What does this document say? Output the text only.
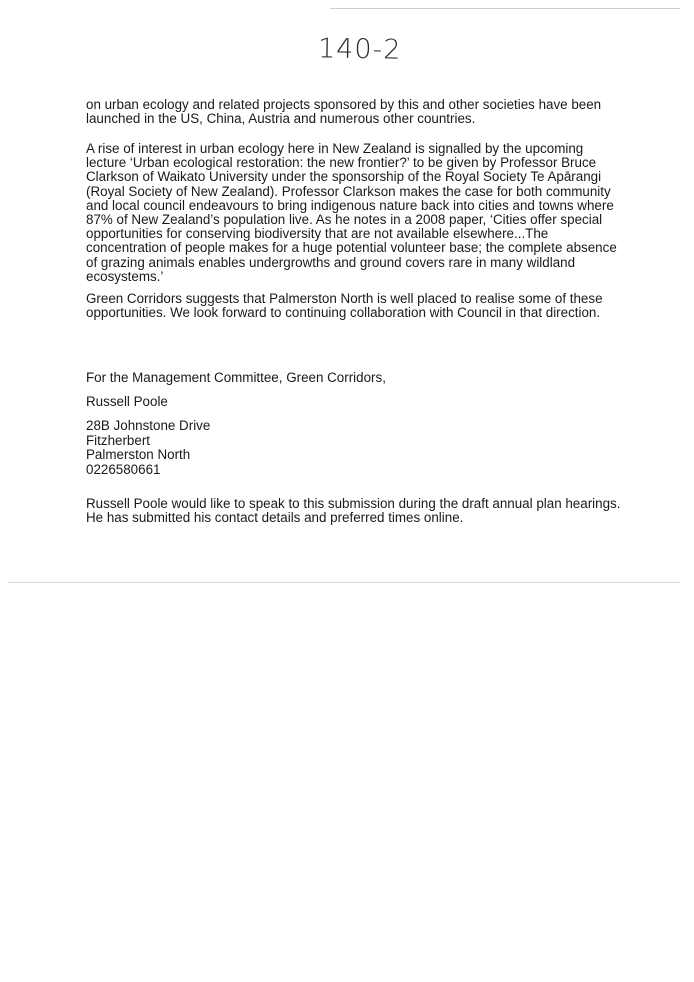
140-2

on urban ecology and related projects sponsored by this and other societies have been launched in the US, China, Austria and numerous other countries.

A rise of interest in urban ecology here in New Zealand is signalled by the upcoming lecture ‘Urban ecological restoration: the new frontier?’ to be given by Professor Bruce Clarkson of Waikato University under the sponsorship of the Royal Society Te Apārangi (Royal Society of New Zealand). Professor Clarkson makes the case for both community and local council endeavours to bring indigenous nature back into cities and towns where 87% of New Zealand’s population live. As he notes in a 2008 paper, ‘Cities offer special opportunities for conserving biodiversity that are not available elsewhere...The concentration of people makes for a huge potential volunteer base; the complete absence of grazing animals enables undergrowths and ground covers rare in many wildland ecosystems.’

Green Corridors suggests that Palmerston North is well placed to realise some of these opportunities. We look forward to continuing collaboration with Council in that direction.

For the Management Committee, Green Corridors,

Russell Poole

28B Johnstone Drive
Fitzherbert
Palmerston North
0226580661

Russell Poole would like to speak to this submission during the draft annual plan hearings. He has submitted his contact details and preferred times online.
